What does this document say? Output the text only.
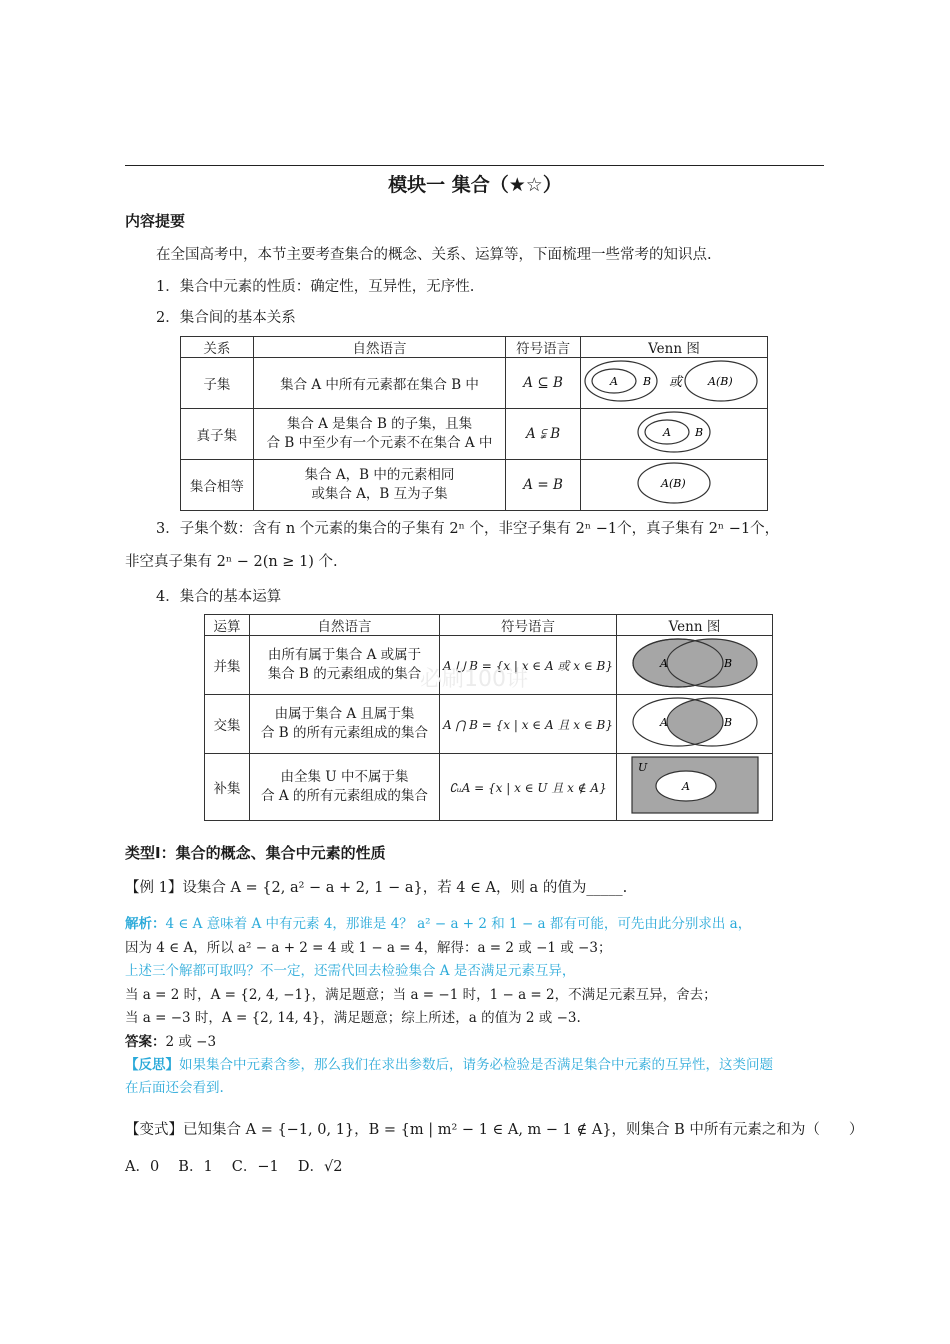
模块一 集合（★☆）
内容提要
在全国高考中，本节主要考查集合的概念、关系、运算等，下面梳理一些常考的知识点.
1．集合中元素的性质：确定性，互异性，无序性.
2．集合间的基本关系
关系	自然语言	符号语言	Venn 图
子集	集合 A 中所有元素都在集合 B 中	A ⊆ B	A B 或 A(B)

真子集	集合 A 是集合 B 的子集，且集
合 B 中至少有一个元素不在集合 A 中	A ⫋ B	A B

集合相等	集合 A，B 中的元素相同
或集合 A，B 互为子集	A = B	A(B)
3．子集个数：含有 n 个元素的集合的子集有 2ⁿ 个，非空子集有 2ⁿ −1个，真子集有 2ⁿ −1个，
非空真子集有 2ⁿ − 2(n ≥ 1) 个.
4．集合的基本运算
运算	自然语言	符号语言	Venn 图
并集	由所有属于集合 A 或属于
集合 B 的元素组成的集合	A ⋃ B = {x | x ∈ A 或 x ∈ B}	A B

交集	由属于集合 A 且属于集
合 B 的所有元素组成的集合	A ⋂ B = {x | x ∈ A 且 x ∈ B}	A B

补集	由全集 U 中不属于集
合 A 的所有元素组成的集合	∁ᵤA = {x | x ∈ U 且 x ∉ A}	U
A
必刷100讲
类型Ⅰ：集合的概念、集合中元素的性质
【例 1】设集合 A = {2, a² − a + 2, 1 − a}，若 4 ∈ A，则 a 的值为_____.
解析：4 ∈ A 意味着 A 中有元素 4，那谁是 4？ a² − a + 2 和 1 − a 都有可能，可先由此分别求出 a，
因为 4 ∈ A，所以 a² − a + 2 = 4 或 1 − a = 4，解得：a = 2 或 −1 或 −3；
上述三个解都可取吗？不一定，还需代回去检验集合 A 是否满足元素互异，
当 a = 2 时，A = {2, 4, −1}，满足题意；当 a = −1 时，1 − a = 2，不满足元素互异，舍去；
当 a = −3 时，A = {2, 14, 4}，满足题意；综上所述，a 的值为 2 或 −3.
答案：2 或 −3
【反思】如果集合中元素含参，那么我们在求出参数后，请务必检验是否满足集合中元素的互异性，这类问题
在后面还会看到.
【变式】已知集合 A = {−1, 0, 1}，B = {m | m² − 1 ∈ A, m − 1 ∉ A}，则集合 B 中所有元素之和为（　　）
A．0　 B．1　 C．−1　 D．√2
